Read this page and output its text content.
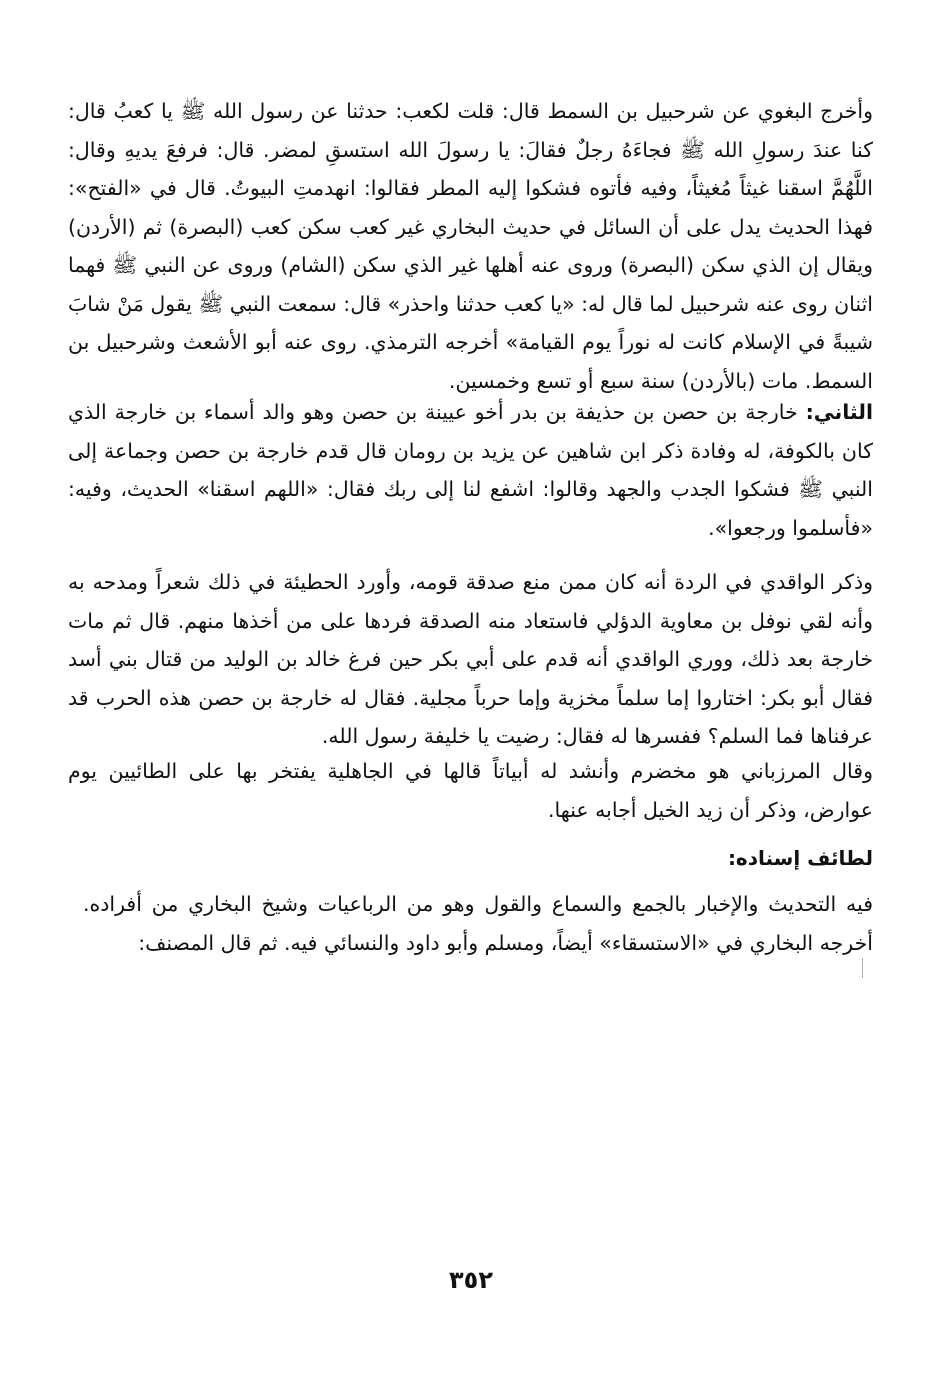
وأخرج البغوي عن شرحبيل بن السمط قال: قلت لكعب: حدثنا عن رسول الله ﷺ يا كعبُ قال: كنا عندَ رسولِ الله ﷺ فجاءَهُ رجلٌ فقالَ: يا رسولَ الله استسقِ لمضر. قال: فرفعَ يديهِ وقال: اللَّهُمَّ اسقنا غيثاً مُغيثاً، وفيه فأتوه فشكوا إليه المطر فقالوا: انهدمتِ البيوتُ. قال في «الفتح»: فهذا الحديث يدل على أن السائل في حديث البخاري غير كعب سكن كعب (البصرة) ثم (الأردن) ويقال إن الذي سكن (البصرة) وروى عنه أهلها غير الذي سكن (الشام) وروى عن النبي ﷺ فهما اثنان روى عنه شرحبيل لما قال له: «يا كعب حدثنا واحذر» قال: سمعت النبي ﷺ يقول مَنْ شابَ شيبةً في الإسلام كانت له نوراً يوم القيامة» أخرجه الترمذي. روى عنه أبو الأشعث وشرحبيل بن السمط. مات (بالأردن) سنة سبع أو تسع وخمسين.

الثاني: خارجة بن حصن بن حذيفة بن بدر أخو عيينة بن حصن وهو والد أسماء بن خارجة الذي كان بالكوفة، له وفادة ذكر ابن شاهين عن يزيد بن رومان قال قدم خارجة بن حصن وجماعة إلى النبي ﷺ فشكوا الجدب والجهد وقالوا: اشفع لنا إلى ربك فقال: «اللهم اسقنا» الحديث، وفيه: «فأسلموا ورجعوا».

وذكر الواقدي في الردة أنه كان ممن منع صدقة قومه، وأورد الحطيئة في ذلك شعراً ومدحه به وأنه لقي نوفل بن معاوية الدؤلي فاستعاد منه الصدقة فردها على من أخذها منهم. قال ثم مات خارجة بعد ذلك، ووري الواقدي أنه قدم على أبي بكر حين فرغ خالد بن الوليد من قتال بني أسد فقال أبو بكر: اختاروا إما سلماً مخزية وإما حرباً مجلية. فقال له خارجة بن حصن هذه الحرب قد عرفناها فما السلم؟ ففسرها له فقال: رضيت يا خليفة رسول الله.

وقال المرزباني هو مخضرم وأنشد له أبياتاً قالها في الجاهلية يفتخر بها على الطائيين يوم عوارض، وذكر أن زيد الخيل أجابه عنها.

لطائف إسناده:

فيه التحديث والإخبار بالجمع والسماع والقول وهو من الرباعيات وشيخ البخاري من أفراده. أخرجه البخاري في «الاستسقاء» أيضاً، ومسلم وأبو داود والنسائي فيه. ثم قال المصنف:

٣٥٢
